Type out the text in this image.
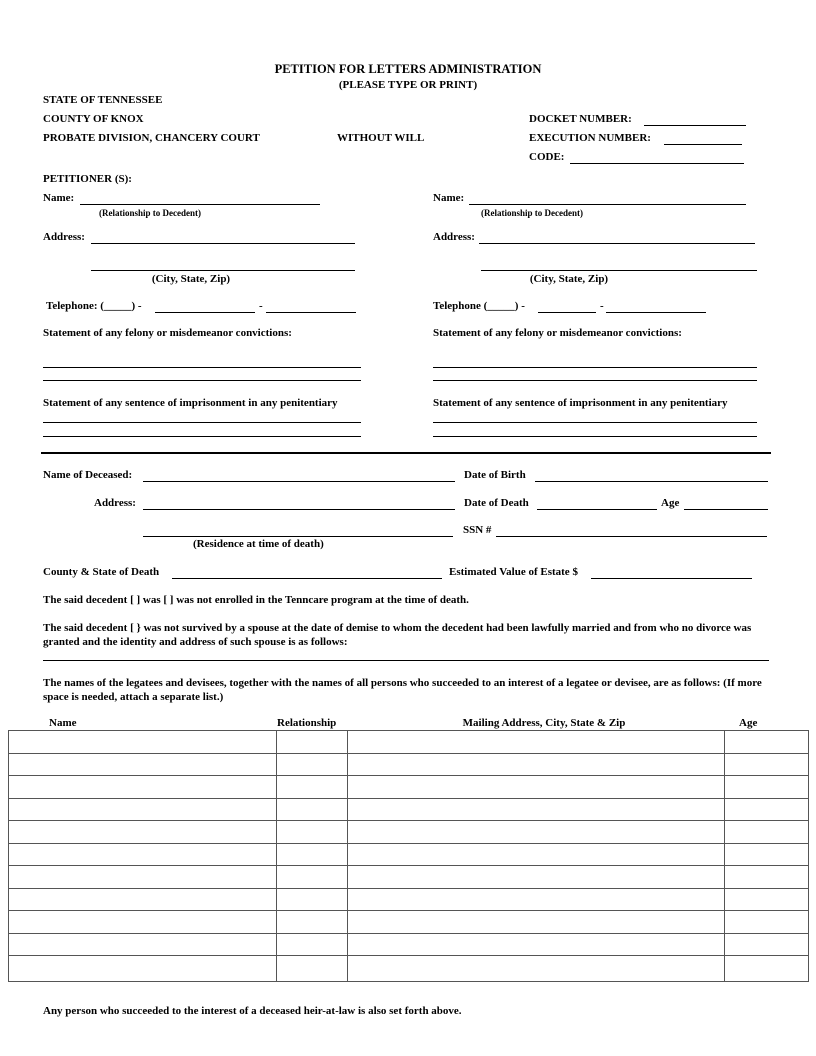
PETITION FOR LETTERS ADMINISTRATION
(PLEASE TYPE OR PRINT)
STATE OF TENNESSEE
COUNTY OF KNOX
PROBATE DIVISION, CHANCERY COURT	WITHOUT WILL
DOCKET NUMBER:
EXECUTION NUMBER:
CODE:
PETITIONER (S):
Name:
(Relationship to Decedent)
Address:
(City, State, Zip)
Telephone: (_____) -	-
Statement of any felony or misdemeanor convictions:
Statement of any sentence of imprisonment in any penitentiary
Name:
(Relationship to Decedent)
Address:
(City, State, Zip)
Telephone (_____) -	-
Statement of any felony or misdemeanor convictions:
Statement of any sentence of imprisonment in any penitentiary
Name of Deceased:	Date of Birth
Address:	Date of Death	Age
SSN #
(Residence at time of death)
County & State of Death	Estimated Value of Estate $
The said decedent [ ] was [ ] was not enrolled in the Tenncare program at the time of death.
The said decedent [ } was not survived by a spouse at the date of demise to whom the decedent had been lawfully married and from who no divorce was granted and the identity and address of such spouse is as follows:
The names of the legatees and devisees, together with the names of all persons who succeeded to an interest of a legatee or devisee, are as follows: (If more space is needed, attach a separate list.)
Name	Relationship	Mailing Address, City, State & Zip	Age

Any person who succeeded to the interest of a deceased heir-at-law is also set forth above.
